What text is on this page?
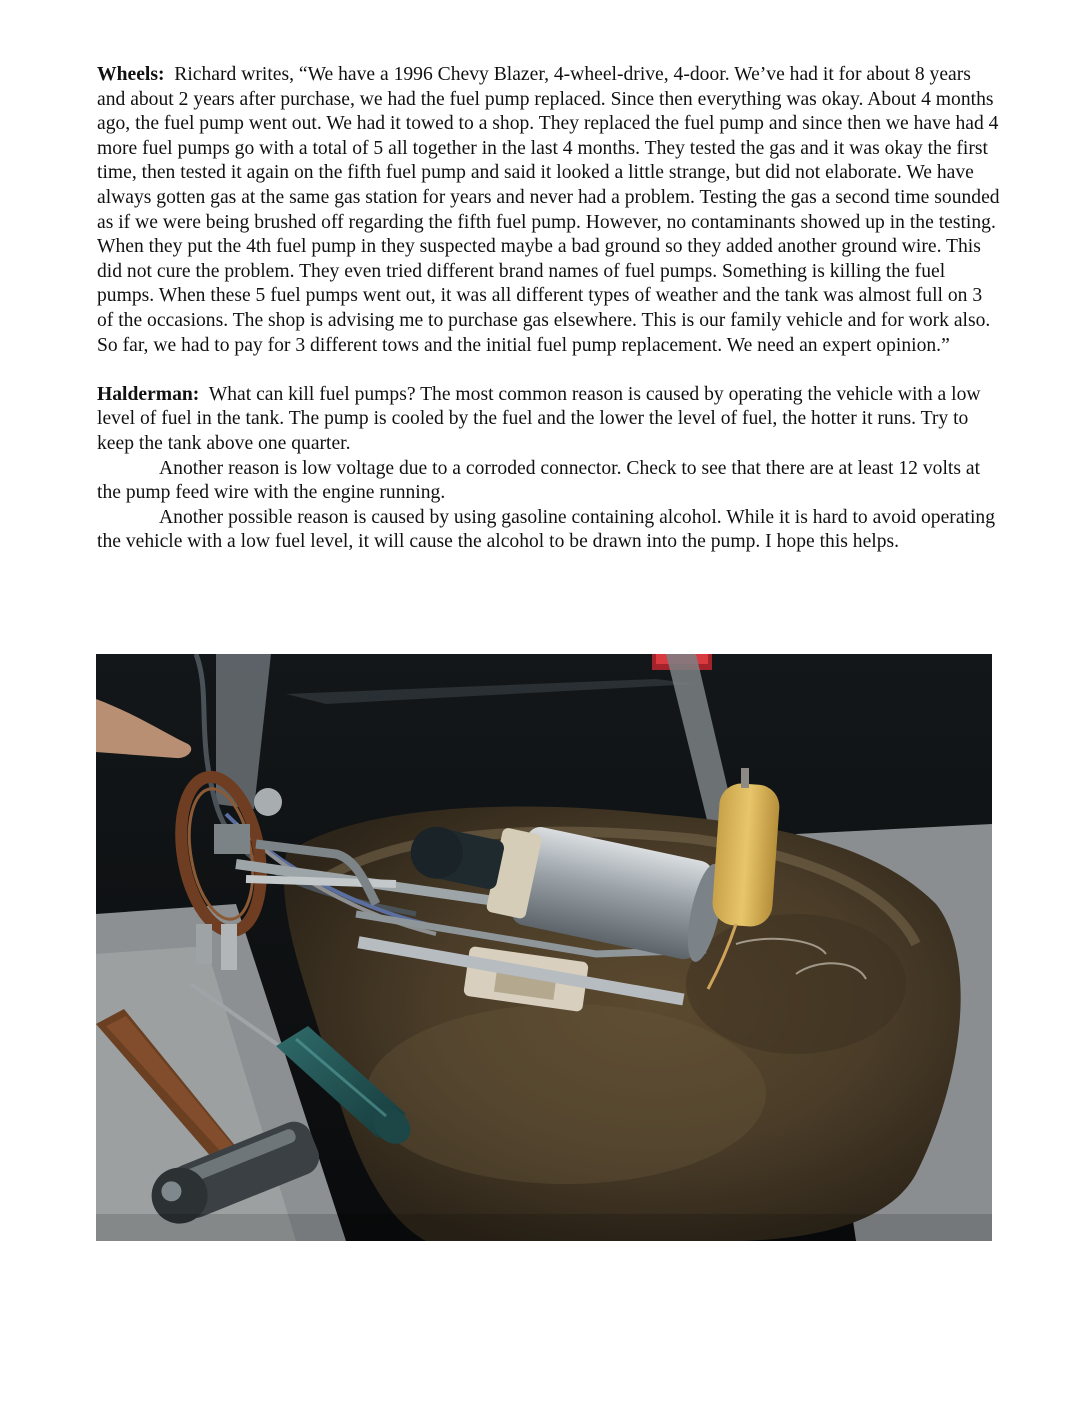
Wheels: Richard writes, “We have a 1996 Chevy Blazer, 4-wheel-drive, 4-door. We’ve had it for about 8 years and about 2 years after purchase, we had the fuel pump replaced. Since then everything was okay. About 4 months ago, the fuel pump went out. We had it towed to a shop. They replaced the fuel pump and since then we have had 4 more fuel pumps go with a total of 5 all together in the last 4 months. They tested the gas and it was okay the first time, then tested it again on the fifth fuel pump and said it looked a little strange, but did not elaborate. We have always gotten gas at the same gas station for years and never had a problem. Testing the gas a second time sounded as if we were being brushed off regarding the fifth fuel pump. However, no contaminants showed up in the testing. When they put the 4th fuel pump in they suspected maybe a bad ground so they added another ground wire. This did not cure the problem. They even tried different brand names of fuel pumps. Something is killing the fuel pumps. When these 5 fuel pumps went out, it was all different types of weather and the tank was almost full on 3 of the occasions. The shop is advising me to purchase gas elsewhere. This is our family vehicle and for work also. So far, we had to pay for 3 different tows and the initial fuel pump replacement. We need an expert opinion.”

Halderman: What can kill fuel pumps? The most common reason is caused by operating the vehicle with a low level of fuel in the tank. The pump is cooled by the fuel and the lower the level of fuel, the hotter it runs. Try to keep the tank above one quarter.

Another reason is low voltage due to a corroded connector. Check to see that there are at least 12 volts at the pump feed wire with the engine running.

Another possible reason is caused by using gasoline containing alcohol. While it is hard to avoid operating the vehicle with a low fuel level, it will cause the alcohol to be drawn into the pump. I hope this helps.
